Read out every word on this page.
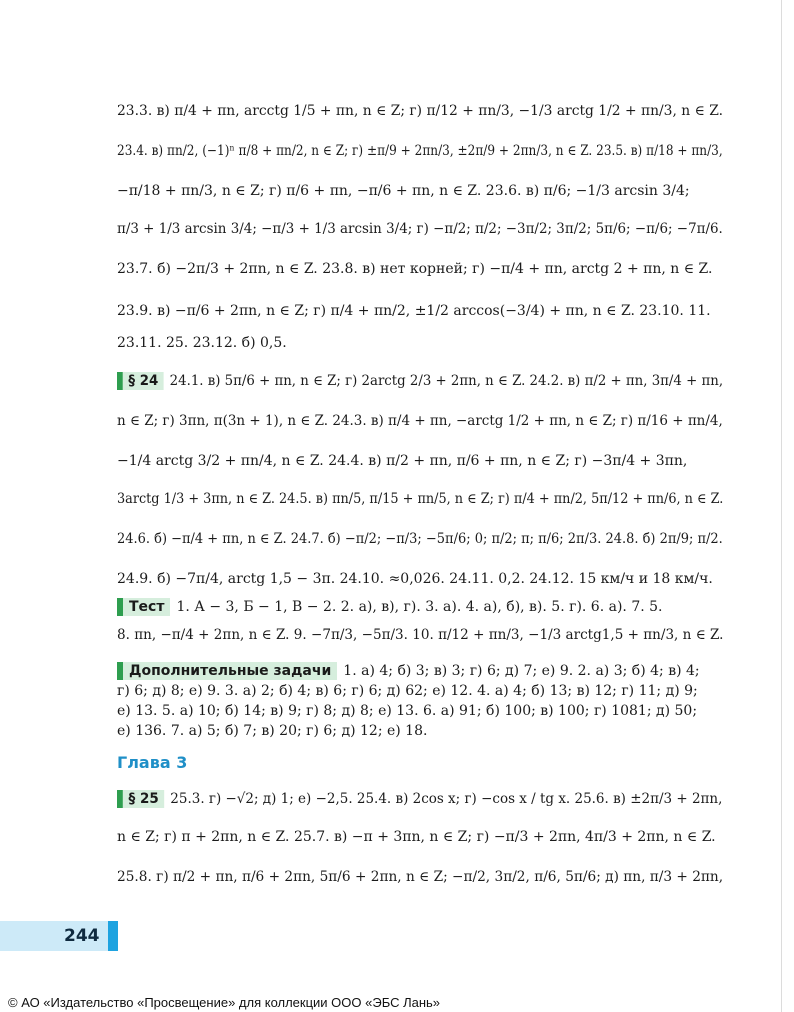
23.3. в) π/4 + πn, arcctg 1/5 + πn, n ∈ Z; г) π/12 + πn/3, −1/3 arctg 1/2 + πn/3, n ∈ Z.
23.4. в) πn/2, (−1)ⁿ π/8 + πn/2, n ∈ Z; г) ±π/9 + 2πn/3, ±2π/9 + 2πn/3, n ∈ Z. 23.5. в) π/18 + πn/3,
−π/18 + πn/3, n ∈ Z; г) π/6 + πn, −π/6 + πn, n ∈ Z. 23.6. в) π/6; −1/3 arcsin 3/4;
π/3 + 1/3 arcsin 3/4; −π/3 + 1/3 arcsin 3/4; г) −π/2; π/2; −3π/2; 3π/2; 5π/6; −π/6; −7π/6.
23.7. б) −2π/3 + 2πn, n ∈ Z. 23.8. в) нет корней; г) −π/4 + πn, arctg 2 + πn, n ∈ Z.
23.9. в) −π/6 + 2πn, n ∈ Z; г) π/4 + πn/2, ±1/2 arccos(−3/4) + πn, n ∈ Z. 23.10. 11.
23.11. 25. 23.12. б) 0,5.
§ 24 24.1. в) 5π/6 + πn, n ∈ Z; г) 2arctg 2/3 + 2πn, n ∈ Z. 24.2. в) π/2 + πn, 3π/4 + πn,
n ∈ Z; г) 3πn, π(3n + 1), n ∈ Z. 24.3. в) π/4 + πn, −arctg 1/2 + πn, n ∈ Z; г) π/16 + πn/4,
−1/4 arctg 3/2 + πn/4, n ∈ Z. 24.4. в) π/2 + πn, π/6 + πn, n ∈ Z; г) −3π/4 + 3πn,
3arctg 1/3 + 3πn, n ∈ Z. 24.5. в) πn/5, π/15 + πn/5, n ∈ Z; г) π/4 + πn/2, 5π/12 + πn/6, n ∈ Z.
24.6. б) −π/4 + πn, n ∈ Z. 24.7. б) −π/2; −π/3; −5π/6; 0; π/2; π; π/6; 2π/3. 24.8. б) 2π/9; π/2.
24.9. б) −7π/4, arctg 1,5 − 3π. 24.10. ≈0,026. 24.11. 0,2. 24.12. 15 км/ч и 18 км/ч.
Тест 1. А − 3, Б − 1, В − 2. 2. а), в), г). 3. а). 4. а), б), в). 5. г). 6. а). 7. 5.
8. πn, −π/4 + 2πn, n ∈ Z. 9. −7π/3, −5π/3. 10. π/12 + πn/3, −1/3 arctg1,5 + πn/3, n ∈ Z.
Дополнительные задачи 1. а) 4; б) 3; в) 3; г) 6; д) 7; е) 9. 2. а) 3; б) 4; в) 4;
г) 6; д) 8; е) 9. 3. а) 2; б) 4; в) 6; г) 6; д) 62; е) 12. 4. а) 4; б) 13; в) 12; г) 11; д) 9;
е) 13. 5. а) 10; б) 14; в) 9; г) 8; д) 8; е) 13. 6. а) 91; б) 100; в) 100; г) 1081; д) 50;
е) 136. 7. а) 5; б) 7; в) 20; г) 6; д) 12; е) 18.
§ 25 25.3. г) −√2; д) 1; е) −2,5. 25.4. в) 2cos x; г) −cos x / tg x. 25.6. в) ±2π/3 + 2πn,
n ∈ Z; г) π + 2πn, n ∈ Z. 25.7. в) −π + 3πn, n ∈ Z; г) −π/3 + 2πn, 4π/3 + 2πn, n ∈ Z.
25.8. г) π/2 + πn, π/6 + 2πn, 5π/6 + 2πn, n ∈ Z; −π/2, 3π/2, π/6, 5π/6; д) πn, π/3 + 2πn,
Глава 3
244
© АО «Издательство «Просвещение» для коллекции ООО «ЭБС Лань»
